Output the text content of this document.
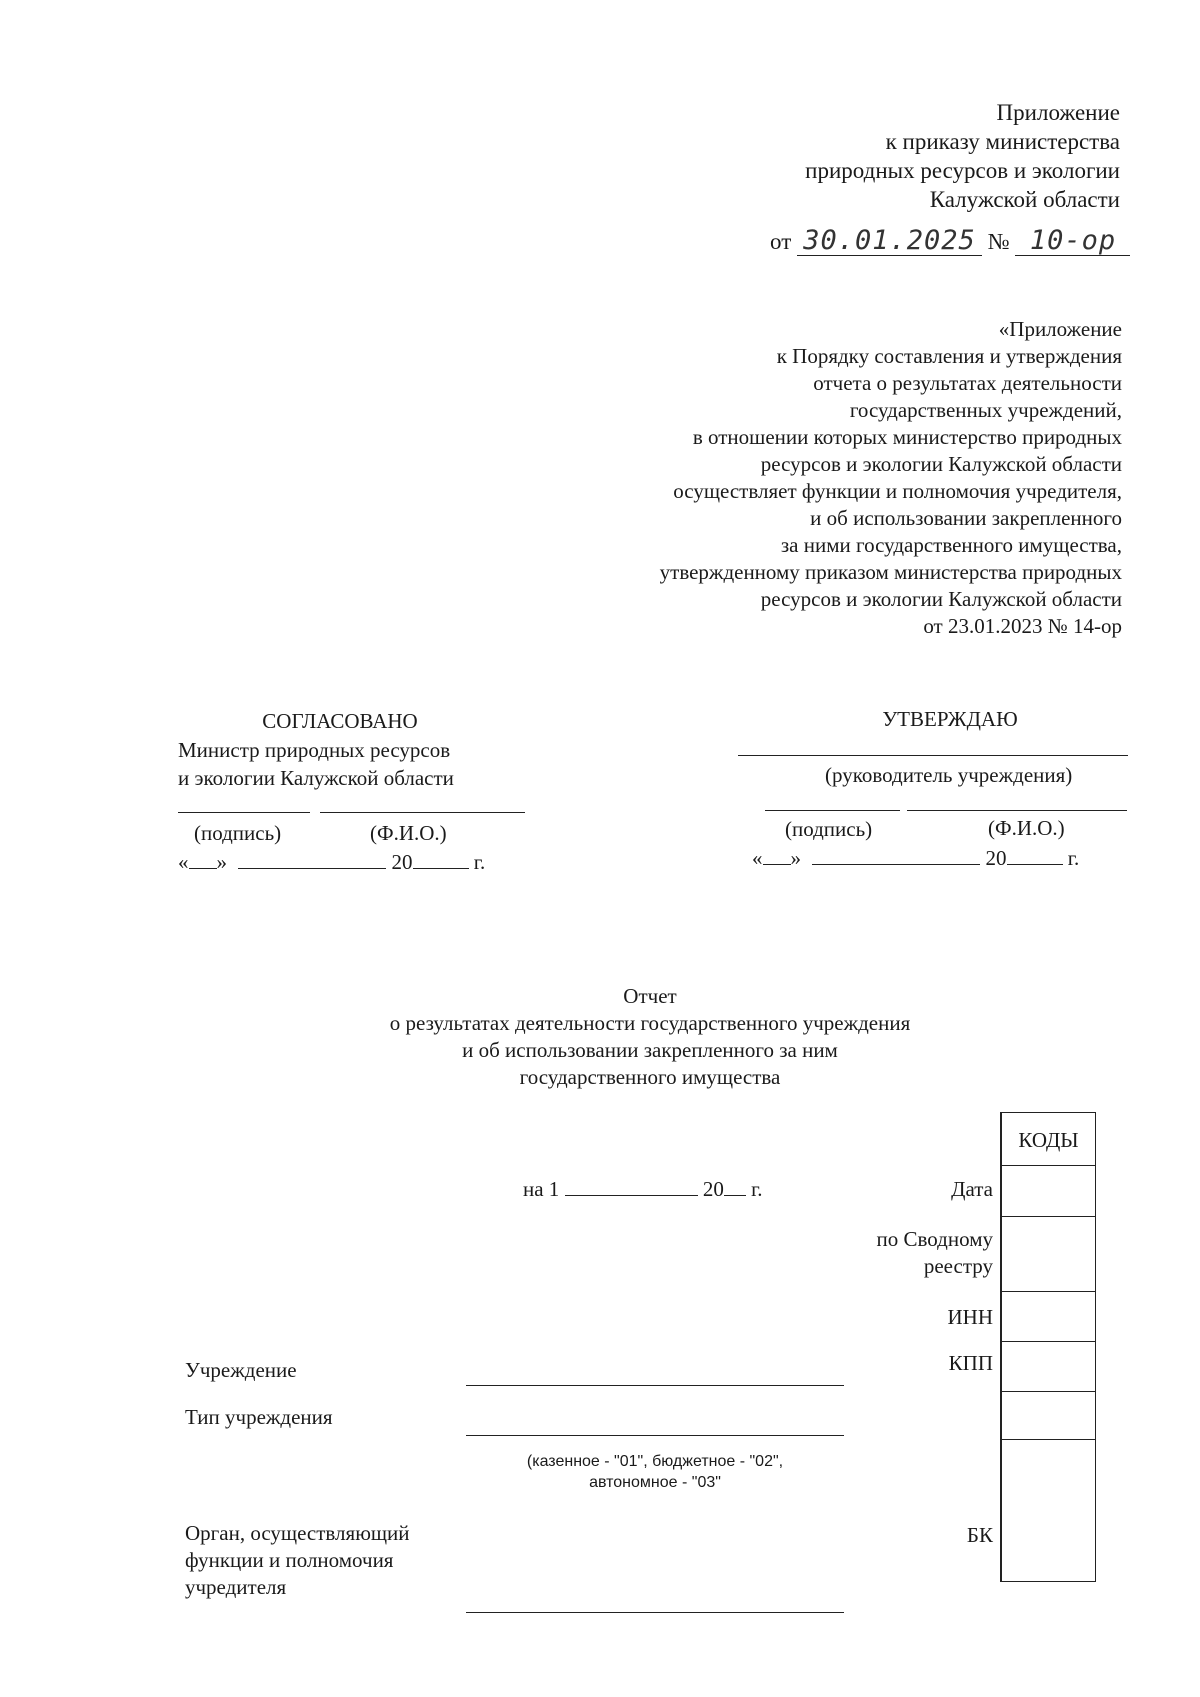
Приложение
к приказу министерства
природных ресурсов и экологии
Калужской области
от 30.01.2025 № 10-ор
«Приложение
к Порядку составления и утверждения
отчета о результатах деятельности
государственных учреждений,
в отношении которых министерство природных
ресурсов и экологии Калужской области
осуществляет функции и полномочия учредителя,
и об использовании закрепленного
за ними государственного имущества,
утвержденному приказом министерства природных
ресурсов и экологии Калужской области
от 23.01.2023 № 14-ор
СОГЛАСОВАНО
Министр природных ресурсов
и экологии Калужской области
(подпись)	(Ф.И.О.)
« »	20	г.
УТВЕРЖДАЮ
(руководитель учреждения)
(подпись)	(Ф.И.О.)
« »	20	г.
Отчет
о результатах деятельности государственного учреждения
и об использовании закрепленного за ним
государственного имущества
КОДЫ
Дата
по Сводному
реестру
ИНН
КПП
БК
на 1	20 г.
Учреждение
Тип учреждения
(казенное - "01", бюджетное - "02",
автономное - "03"
Орган, осуществляющий
функции и полномочия
учредителя
